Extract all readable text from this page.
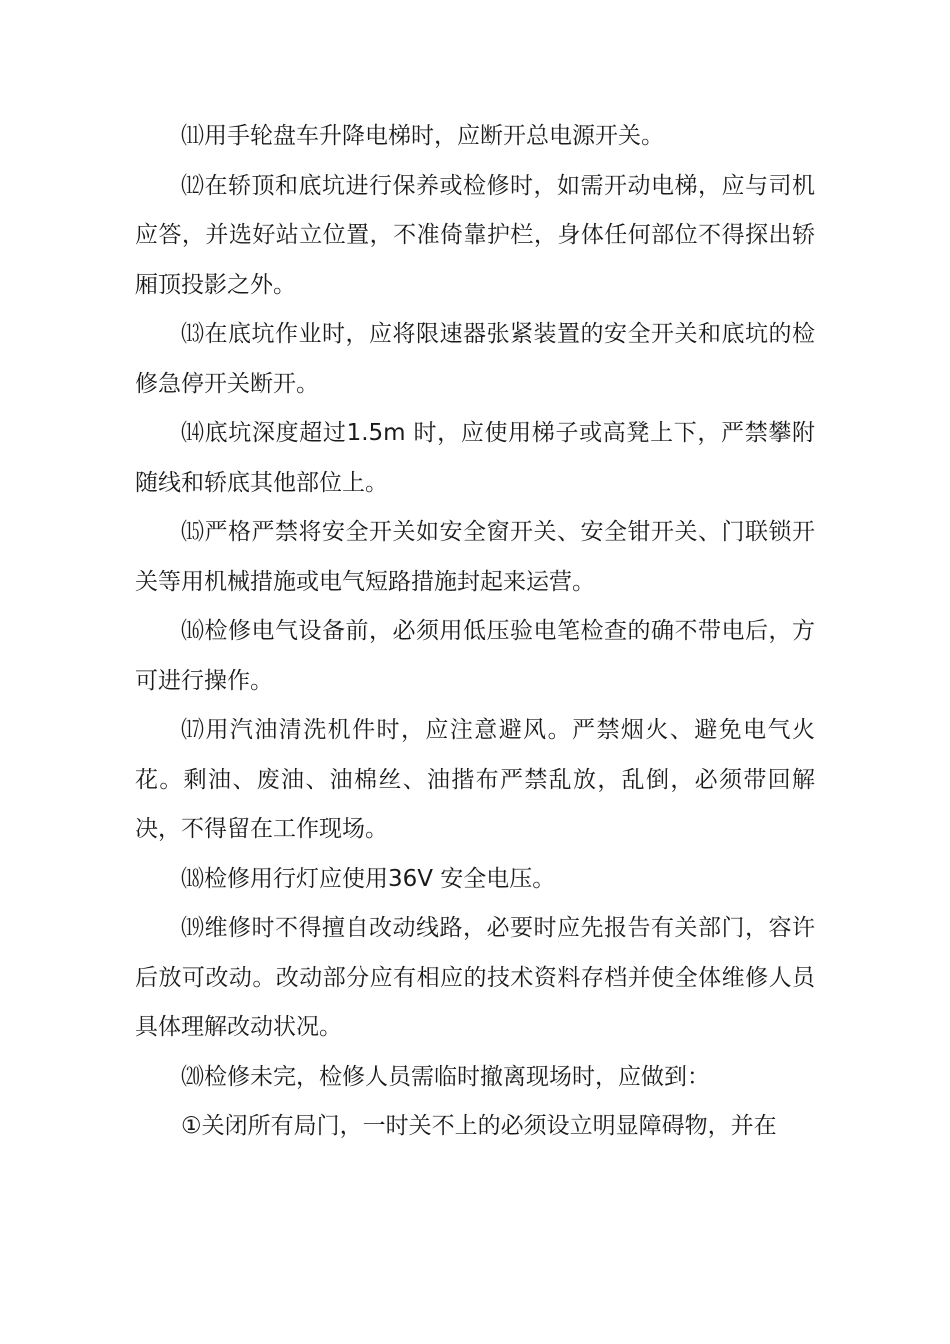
⑾用手轮盘车升降电梯时，应断开总电源开关。

⑿在轿顶和底坑进行保养或检修时，如需开动电梯，应与司机应答，并选好站立位置，不准倚靠护栏，身体任何部位不得探出轿厢顶投影之外。

⒀在底坑作业时，应将限速器张紧装置的安全开关和底坑的检修急停开关断开。

⒁底坑深度超过1.5m 时，应使用梯子或高凳上下，严禁攀附随线和轿底其他部位上。

⒂严格严禁将安全开关如安全窗开关、安全钳开关、门联锁开关等用机械措施或电气短路措施封起来运营。

⒃检修电气设备前，必须用低压验电笔检查的确不带电后，方可进行操作。

⒄用汽油清洗机件时，应注意避风。严禁烟火、避免电气火花。剩油、废油、油棉丝、油揩布严禁乱放，乱倒，必须带回解决，不得留在工作现场。

⒅检修用行灯应使用36V 安全电压。

⒆维修时不得擅自改动线路，必要时应先报告有关部门，容许后放可改动。改动部分应有相应的技术资料存档并使全体维修人员具体理解改动状况。

⒇检修未完，检修人员需临时撤离现场时，应做到：

①关闭所有局门，一时关不上的必须设立明显障碍物，并在
